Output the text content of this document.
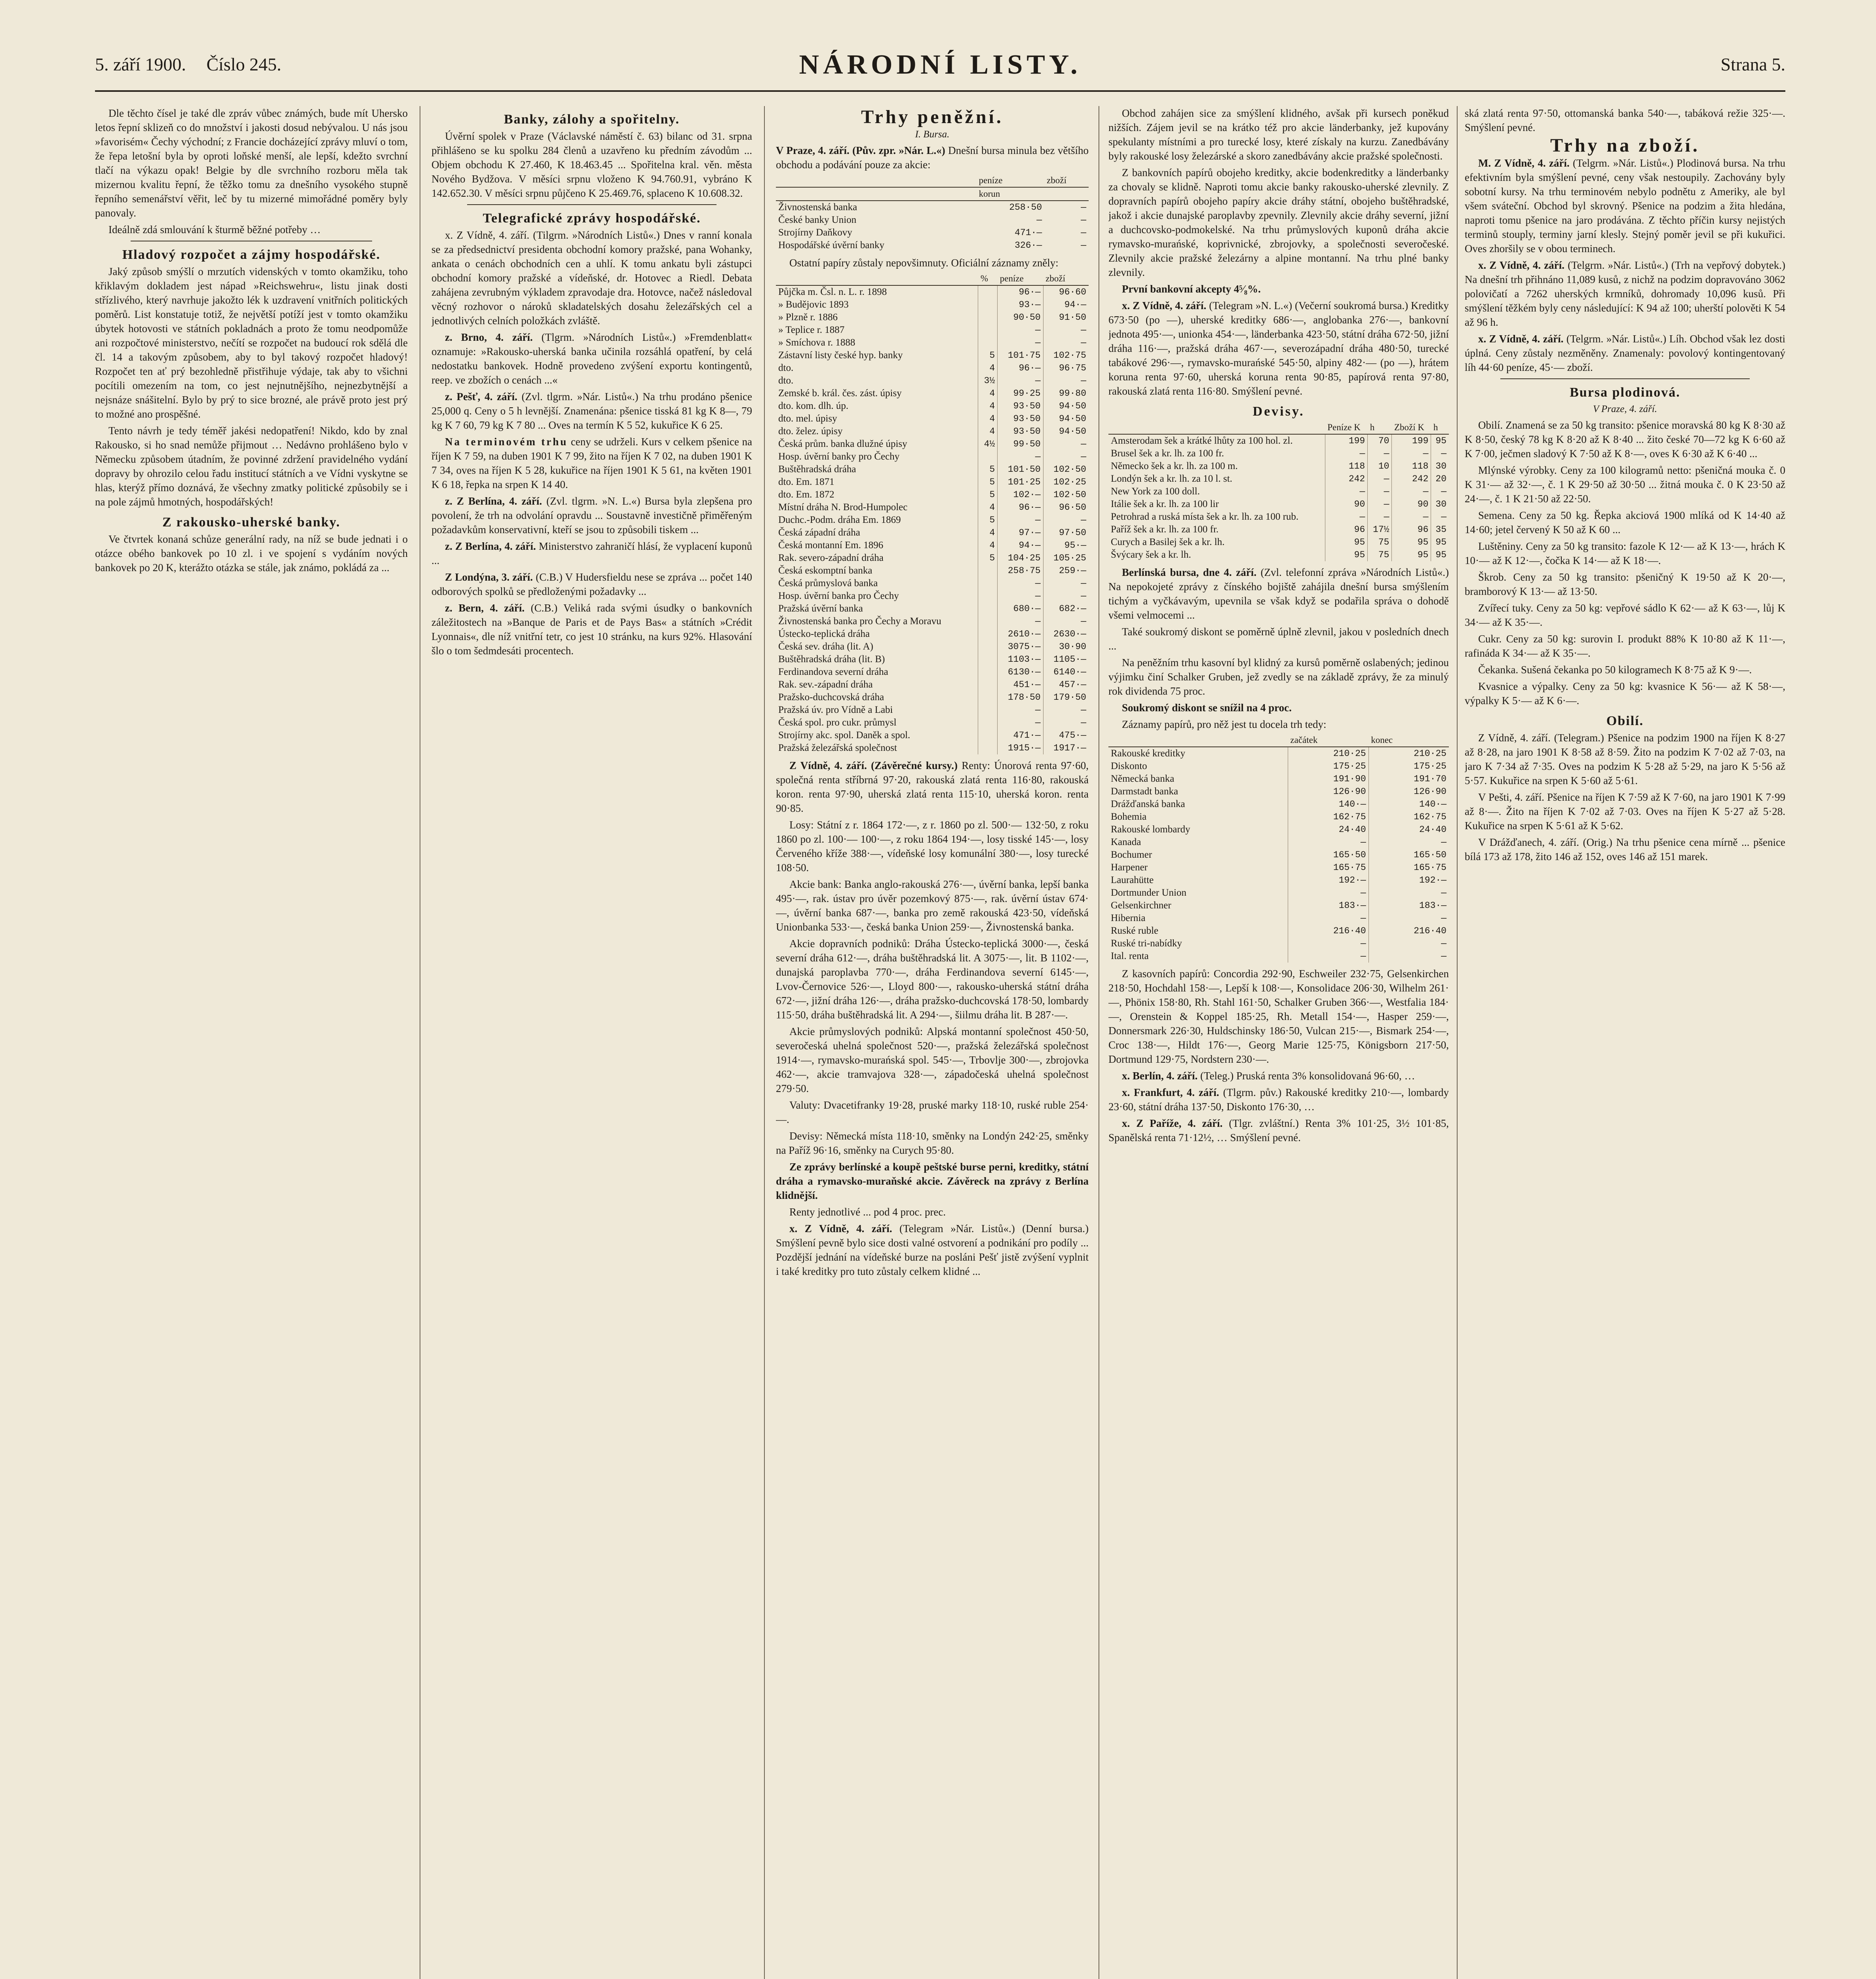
5. září 1900. Číslo 245.	NÁRODNÍ LISTY.	Strana 5.

Dle těchto čísel je také dle zpráv vůbec známých, bude mít Uhersko letos řepní sklizeň co do množství i jakosti dosud nebývalou. U nás jsou »favorisém« Čechy východní; z Francie docházející zprávy mluví o tom, že řepa letošní byla by oproti loňské menší, ale lepší, kdežto svrchní tlačí na výkazu opak! Belgie by dle svrchního rozboru měla tak mizernou kvalitu řepní, že těžko tomu za dnešního vysokého stupně řepního semenářství věřit, leč by tu mizerné mimořádné poměry byly panovaly.

Ideálně zdá smlouvání k šturmě běžné potřeby …

Hladový rozpočet a zájmy hospodářské.

Jaký způsob smýšlí o mrzutích videnských v tomto okamžiku, toho křiklavým dokladem jest nápad »Reichswehru«, listu jinak dosti střízlivého, který navrhuje jakožto lék k uzdravení vnitřních politických poměrů. List konstatuje totiž, že největší potíží jest v tomto okamžiku úbytek hotovosti ve státních pokladnách a proto že tomu neodpomůže ani rozpočtové ministerstvo, nečítí se rozpočet na budoucí rok sdělá dle čl. 14 a takovým způsobem, aby to byl takový rozpočet hladový! Rozpočet ten ať prý bezohledně přistřihuje výdaje, tak aby to všichni pocítili omezením na tom, co jest nejnutnějšího, nejnezbytnější a nejsnáze snášitelní. Bylo by prý to sice brozné, ale právě proto jest prý to možné ano prospěšné.

Tento návrh je tedy téměř jakési nedopatření! Nikdo, kdo by znal Rakousko, si ho snad nemůže přijmout … Nedávno prohlášeno bylo v Německu způsobem útadním, že povinné zdržení pravidelného vydání dopravy by ohrozilo celou řadu institucí státních a ve Vídni vyskytne se hlas, kterýž přímo doznává, že všechny zmatky politické způsobily se i na pole zájmů hmotných, hospodářských!

Z rakousko-uherské banky.

Ve čtvrtek konaná schůze generální rady, na níž se bude jednati i o otázce obého bankovek po 10 zl. i ve spojení s vydáním nových bankovek po 20 K, kterážto otázka se stále, jak známo, pokládá za ...

Banky, zálohy a spořitelny.

Úvěrní spolek v Praze (Václavské náměstí č. 63) bilanc od 31. srpna přihlášeno se ku spolku 284 členů a uzavřeno ku předním závodům ... Objem obchodu K 27.460, K 18.463.45 ... Spořitelna kral. věn. města Nového Bydžova. V měsíci srpnu vloženo K 94.760.91, vybráno K 142.652.30. V měsíci srpnu půjčeno K 25.469.76, splaceno K 10.608.32.

Telegrafické zprávy hospodářské.

x. Z Vídně, 4. září. (Tilgrm. »Národních Listů«.) Dnes v ranní konala se za předsednictví presidenta obchodní komory pražské, pana Wohanky, ankata o cenách obchodních cen a uhlí. K tomu ankatu byli zástupci obchodní komory pražské a vídeňské, dr. Hotovec a Riedl. Debata zahájena zevrubným výkladem zpravodaje dra. Hotovce, načež následoval věcný rozhovor o nároků skladatelských dosahu železářských cel a jednotlivých celních položkách zvláště.

z. Brno, 4. září. (Tlgrm. »Národních Listů«.) »Fremdenblatt« oznamuje: »Rakousko-uherská banka učinila rozsáhlá opatření, by celá nedostatku bankovek. Hodně provedeno zvýšení exportu kontingentů, reep. ve zbožích o cenách ...«

z. Pešť, 4. září. (Zvl. tlgrm. »Nár. Listů«.) Na trhu prodáno pšenice 25,000 q. Ceny o 5 h levnější. Znamenána: pšenice tisská 81 kg K 8—, 79 kg K 7 60, 79 kg K 7 80 ... Oves na termín K 5 52, kukuřice K 6 25.

Na terminovém trhu ceny se udrželi. Kurs v celkem pšenice na říjen K 7 59, na duben 1901 K 7 99, žito na říjen K 7 02, na duben 1901 K 7 34, oves na říjen K 5 28, kukuřice na říjen 1901 K 5 61, na květen 1901 K 6 18, řepka na srpen K 14 40.

z. Z Berlína, 4. září. (Zvl. tlgrm. »N. L.«) Bursa byla zlepšena pro povolení, že trh na odvolání opravdu ... Soustavně investičně přiměřeným požadavkům konservativní, kteří se jsou to způsobili tiskem ...

z. Z Berlína, 4. září. Ministerstvo zahraničí hlásí, že vyplacení kuponů ...

Z Londýna, 3. září. (C.B.) V Hudersfieldu nese se zpráva ... počet 140 odborových spolků se předloženými požadavky ...

z. Bern, 4. září. (C.B.) Veliká rada svými úsudky o bankovních záležitostech na »Banque de Paris et de Pays Bas« a státních »Crédit Lyonnais«, dle níž vnitřní tetr, co jest 10 stránku, na kurs 92%. Hlasování šlo o tom šedmdesáti procentech.

Trhy peněžní.
I. Bursa.

V Praze, 4. září. (Pův. zpr. »Nár. L.«) Dnešní bursa minula bez většího obchodu a podávání pouze za akcie:

	peníze	zboží
	korun	
Živnostenská banka	258·50	—
České banky Union	—	—
Strojírny Daňkovy	471·—	—
Hospodářské úvěrní banky	326·—	—

Ostatní papíry zůstaly nepovšimnuty. Oficiální záznamy zněly:

	%	peníze	zboží
Půjčka m. Čsl. n. L. r. 1898		96·—	96·60
» Budějovic 1893		93·—	94·—
» Plzně r. 1886		90·50	91·50
» Teplice r. 1887		—	—
» Smíchova r. 1888		—	—
Zástavní listy české hyp. banky	5	101·75	102·75
dto.	4	96·—	96·75
dto.	3½	—	—
Zemské b. král. čes. zást. úpisy	4	99·25	99·80
dto. kom. dlh. úp.	4	93·50	94·50
dto. mel. úpisy	4	93·50	94·50
dto. želez. úpisy	4	93·50	94·50
Česká prům. banka dlužné úpisy	4½	99·50	—
Hosp. úvěrní banky pro Čechy		—	—
Buštěhradská dráha	5	101·50	102·50
dto. Em. 1871	5	101·25	102·25
dto. Em. 1872	5	102·—	102·50
Místní dráha N. Brod-Humpolec	4	96·—	96·50
Duchc.-Podm. dráha Em. 1869	5	—	—
Česká západní dráha	4	97·—	97·50
Česká montanní Em. 1896	4	94·—	95·—
Rak. severo-západní dráha	5	104·25	105·25
Česká eskomptní banka		258·75	259·—
Česká průmyslová banka		—	—
Hosp. úvěrní banka pro Čechy		—	—
Pražská úvěrní banka		680·—	682·—
Živnostenská banka pro Čechy a Moravu		—	—
Ústecko-teplická dráha		2610·—	2630·—
Česká sev. dráha (lit. A)		3075·—	30·90
Buštěhradská dráha (lit. B)		1103·—	1105·—
Ferdinandova severní dráha		6130·—	6140·—
Rak. sev.-západní dráha		451·—	457·—
Pražsko-duchcovská dráha		178·50	179·50
Pražská úv. pro Vídně a Labi		—	—
Česká spol. pro cukr. průmysl		—	—
Strojírny akc. spol. Daněk a spol.		471·—	475·—
Pražská železářská společnost		1915·—	1917·—

Z Vídně, 4. září. (Závěrečné kursy.) Renty: Únorová renta 97·60, společná renta stříbrná 97·20, rakouská zlatá renta 116·80, rakouská koron. renta 97·90, uherská zlatá renta 115·10, uherská koron. renta 90·85.

Losy: Státní z r. 1864 172·—, z r. 1860 po zl. 500·— 132·50, z roku 1860 po zl. 100·— 100·—, z roku 1864 194·—, losy tisské 145·—, losy Červeného kříže 388·—, vídeňské losy komunální 380·—, losy turecké 108·50.

Akcie bank: Banka anglo-rakouská 276·—, úvěrní banka, lepší banka 495·—, rak. ústav pro úvěr pozemkový 875·—, rak. úvěrní ústav 674·—, úvěrní banka 687·—, banka pro země rakouská 423·50, vídeňská Unionbanka 533·—, česká banka Union 259·—, Živnostenská banka.

Akcie dopravních podniků: Dráha Ústecko-teplická 3000·—, česká severní dráha 612·—, dráha buštěhradská lit. A 3075·—, lit. B 1102·—, dunajská paroplavba 770·—, dráha Ferdinandova severní 6145·—, Lvov-Černovice 526·—, Lloyd 800·—, rakousko-uherská státní dráha 672·—, jižní dráha 126·—, dráha pražsko-duchcovská 178·50, lombardy 115·50, dráha buštěhradská lit. A 294·—, šiilmu dráha lit. B 287·—.

Akcie průmyslových podniků: Alpská montanní společnost 450·50, severočeská uhelná společnost 520·—, pražská železářská společnost 1914·—, rymavsko-murańská spol. 545·—, Trbovlje 300·—, zbrojovka 462·—, akcie tramvajova 328·—, západočeská uhelná společnost 279·50.

Valuty: Dvacetifranky 19·28, pruské marky 118·10, ruské ruble 254·—.

Devisy: Německá místa 118·10, směnky na Londýn 242·25, směnky na Paříž 96·16, směnky na Curych 95·80.

Ze zprávy berlínské a koupě peštské burse perni, kreditky, státní dráha a rymavsko-muraňské akcie. Závěreck na zprávy z Berlína klidnější.

Renty jednotlivé ... pod 4 proc. prec.

x. Z Vídně, 4. září. (Telegram »Nár. Listů«.) (Denní bursa.) Smýšlení pevně bylo sice dosti valné ostvorení a podnikání pro podíly ... Pozdější jednání na vídeňské burze na posláni Pešť jistě zvýšení vyplnit i také kreditky pro tuto zůstaly celkem klidné ...

Obchod zahájen sice za smýšlení klidného, avšak při kursech poněkud nižších. Zájem jevil se na krátko též pro akcie länderbanky, jež kupovány spekulanty místními a pro turecké losy, které získaly na kurzu. Zanedbávány byly rakouské losy železárské a skoro zanedbávány akcie pražské společnosti.

Z bankovních papírů obojeho kreditky, akcie bodenkreditky a länderbanky za chovaly se klidně. Naproti tomu akcie banky rakousko-uherské zlevnily. Z dopravních papírů obojeho papíry akcie dráhy státní, obojeho buštěhradské, jakož i akcie dunajské paroplavby zpevnily. Zlevnily akcie dráhy severní, jižní a duchcovsko-podmokelské. Na trhu průmyslových kuponů dráha akcie rymavsko-murańské, koprivnické, zbrojovky, a společnosti severočeské. Zlevnily akcie pražské železárny a alpine montanní. Na trhu plné banky zlevnily.

První bankovní akcepty 4⁵⁄₈%.

x. Z Vídně, 4. září. (Telegram »N. L.«) (Večerní soukromá bursa.) Kreditky 673·50 (po —), uherské kreditky 686·—, anglobanka 276·—, bankovní jednota 495·—, unionka 454·—, länderbanka 423·50, státní dráha 672·50, jižní dráha 116·—, pražská dráha 467·—, severozápadní dráha 480·50, turecké tabákové 296·—, rymavsko-murańské 545·50, alpiny 482·— (po —), hrátem koruna renta 97·60, uherská koruna renta 90·85, papírová renta 97·80, rakouská zlatá renta 116·80. Smýšlení pevné.

Devisy.
	Peníze K	h	Zboží K	h
Amsterodam šek a krátké lhůty za 100 hol. zl.	199	70	199	95
Brusel šek a kr. lh. za 100 fr.	—	—	—	—
Německo šek a kr. lh. za 100 m.	118	10	118	30
Londýn šek a kr. lh. za 10 l. st.	242	—	242	20
New York za 100 doll.	—	—	—	—
Itálie šek a kr. lh. za 100 lir	90	—	90	30
Petrohrad a ruská místa šek a kr. lh. za 100 rub.	—	—	—	—
Paříž šek a kr. lh. za 100 fr.	96	17½	96	35
Curych a Basilej šek a kr. lh.	95	75	95	95
Švýcary šek a kr. lh.	95	75	95	95

Berlínská bursa, dne 4. září. (Zvl. telefonní zpráva »Národních Listů«.) Na nepokojeté zprávy z čínského bojiště zahájila dnešní bursa smýšlením tichým a vyčkávavým, upevnila se však když se podařila správa o dohodě všemi velmocemi ...

Také soukromý diskont se poměrně úplně zlevnil, jakou v posledních dnech ...

Na peněžním trhu kasovní byl klidný za kursů poměrně oslabených; jedinou výjimku činí Schalker Gruben, jež zvedly se na základě zprávy, že za minulý rok dividenda 75 proc.

Soukromý diskont se snížil na 4 proc.

Záznamy papírů, pro něž jest tu docela trh tedy:

	začátek	konec
Rakouské kreditky	210·25	210·25
Diskonto	175·25	175·25
Německá banka	191·90	191·70
Darmstadt banka	126·90	126·90
Drážďanská banka	140·—	140·—
Bohemia	162·75	162·75
Rakouské lombardy	24·40	24·40
Kanada	—	—
Bochumer	165·50	165·50
Harpener	165·75	165·75
Laurahütte	192·—	192·—
Dortmunder Union	—	—
Gelsenkirchner	183·—	183·—
Hibernia	—	—
Ruské ruble	216·40	216·40
Ruské tri-nabídky	—	—
Ital. renta	—	—

Z kasovních papírů: Concordia 292·90, Eschweiler 232·75, Gelsenkirchen 218·50, Hochdahl 158·—, Lepší k 108·—, Konsolidace 206·30, Wilhelm 261·—, Phönix 158·80, Rh. Stahl 161·50, Schalker Gruben 366·—, Westfalia 184·—, Orenstein & Koppel 185·25, Rh. Metall 154·—, Hasper 259·—, Donnersmark 226·30, Huldschinsky 186·50, Vulcan 215·—, Bismark 254·—, Croc 138·—, Hildt 176·—, Georg Marie 125·75, Königsborn 217·50, Dortmund 129·75, Nordstern 230·—.

x. Berlín, 4. září. (Teleg.) Pruská renta 3% konsolidovaná 96·60, …

x. Frankfurt, 4. září. (Tlgrm. pův.) Rakouské kreditky 210·—, lombardy 23·60, státní dráha 137·50, Diskonto 176·30, …

x. Z Paříže, 4. září. (Tlgr. zvláštní.) Renta 3% 101·25, 3½ 101·85, Spanělská renta 71·12½, … Smýšlení pevné.

ská zlatá renta 97·50, ottomanská banka 540·—, tabáková režie 325·—. Smýšlení pevné.

Trhy na zboží.

M. Z Vídně, 4. září. (Telgrm. »Nár. Listů«.) Plodinová bursa. Na trhu efektivním byla smýšlení pevné, ceny však nestoupily. Zachovány byly sobotní kursy. Na trhu terminovém nebylo podnětu z Ameriky, ale byl všem sváteční. Obchod byl skrovný. Pšenice na podzim a žita hledána, naproti tomu pšenice na jaro prodávána. Z těchto příčin kursy nejistých terminů stouply, terminy jarní klesly. Stejný poměr jevil se při kukuřici. Oves zhoršily se v obou terminech.

x. Z Vídně, 4. září. (Telgrm. »Nár. Listů«.) (Trh na vepřový dobytek.) Na dnešní trh přihnáno 11,089 kusů, z nichž na podzim dopravováno 3062 polovičatí a 7262 uherských krmníků, dohromady 10,096 kusů. Při smýšlení těžkém byly ceny následující: K 94 až 100; uherští polověti K 54 až 96 h.

x. Z Vídně, 4. září. (Telgrm. »Nár. Listů«.) Líh. Obchod však lez dosti úplná. Ceny zůstaly nezměněny. Znamenaly: povolový kontingentovaný líh 44·60 peníze, 45·— zboží.

Bursa plodinová.
V Praze, 4. září.

Obilí. Znamená se za 50 kg transito: pšenice moravská 80 kg K 8·30 až K 8·50, český 78 kg K 8·20 až K 8·40 ... žito české 70—72 kg K 6·60 až K 7·00, ječmen sladový K 7·50 až K 8·—, oves K 6·30 až K 6·40 ...

Mlýnské výrobky. Ceny za 100 kilogramů netto: pšeničná mouka č. 0 K 31·— až 32·—, č. 1 K 29·50 až 30·50 ... žitná mouka č. 0 K 23·50 až 24·—, č. 1 K 21·50 až 22·50.

Semena. Ceny za 50 kg. Řepka akciová 1900 mlíká od K 14·40 až 14·60; jetel červený K 50 až K 60 ...

Luštěniny. Ceny za 50 kg transito: fazole K 12·— až K 13·—, hrách K 10·— až K 12·—, čočka K 14·— až K 18·—.

Škrob. Ceny za 50 kg transito: pšeničný K 19·50 až K 20·—, bramborový K 13·— až 13·50.

Zvířecí tuky. Ceny za 50 kg: vepřové sádlo K 62·— až K 63·—, lůj K 34·— až K 35·—.

Cukr. Ceny za 50 kg: surovin I. produkt 88% K 10·80 až K 11·—, rafináda K 34·— až K 35·—.

Čekanka. Sušená čekanka po 50 kilogramech K 8·75 až K 9·—.

Kvasnice a výpalky. Ceny za 50 kg: kvasnice K 56·— až K 58·—, výpalky K 5·— až K 6·—.

Obilí.

Z Vídně, 4. září. (Telegram.) Pšenice na podzim 1900 na říjen K 8·27 až 8·28, na jaro 1901 K 8·58 až 8·59. Žito na podzim K 7·02 až 7·03, na jaro K 7·34 až 7·35. Oves na podzim K 5·28 až 5·29, na jaro K 5·56 až 5·57. Kukuřice na srpen K 5·60 až 5·61.

V Pešti, 4. září. Pšenice na říjen K 7·59 až K 7·60, na jaro 1901 K 7·99 až 8·—. Žito na říjen K 7·02 až 7·03. Oves na říjen K 5·27 až 5·28. Kukuřice na srpen K 5·61 až K 5·62.

V Drážďanech, 4. září. (Orig.) Na trhu pšenice cena mírně ... pšenice bílá 173 až 178, žito 146 až 152, oves 146 až 151 marek.
